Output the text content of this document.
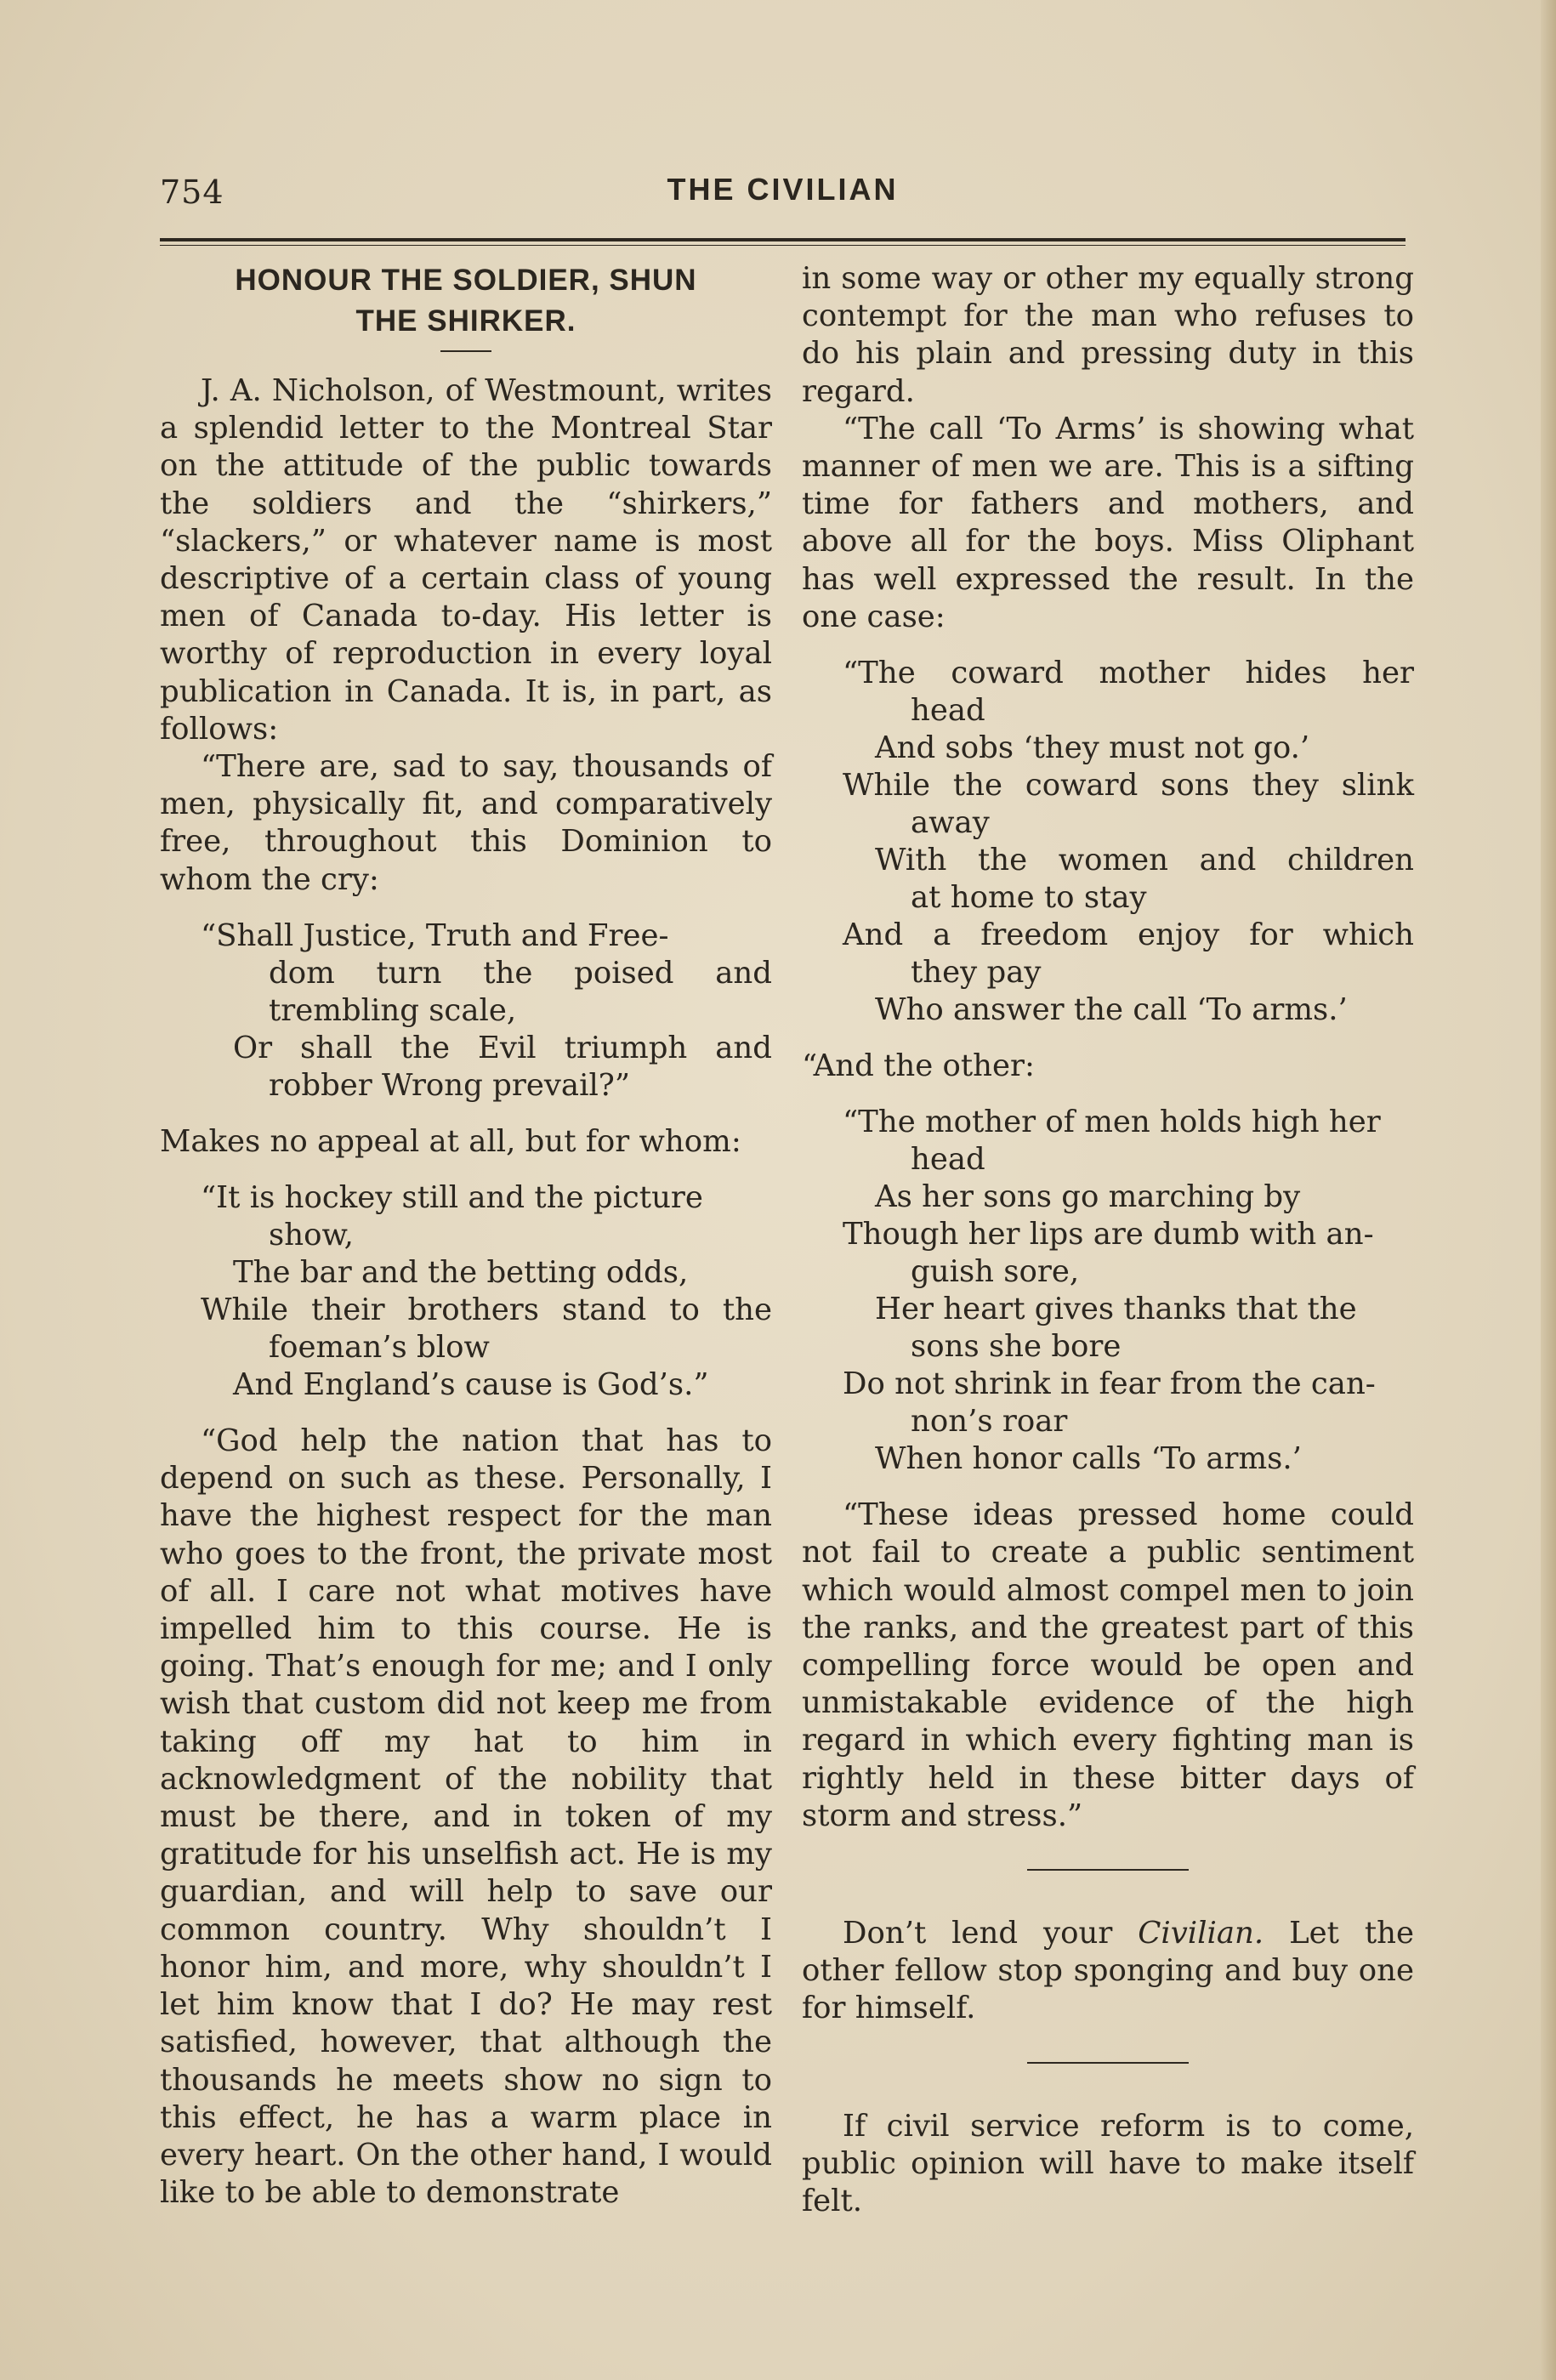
754	THE CIVILIAN
HONOUR THE SOLDIER, SHUN
THE SHIRKER.

J. A. Nicholson, of Westmount, writes a splendid letter to the Montreal Star on the attitude of the public towards the soldiers and the “shirkers,” “slackers,” or whatever name is most descriptive of a certain class of young men of Canada to-day. His letter is worthy of reproduction in every loyal publication in Canada. It is, in part, as follows:

“There are, sad to say, thousands of men, physically fit, and comparatively free, throughout this Dominion to whom the cry:

“Shall Justice, Truth and Free-
dom turn the poised and
trembling scale,
Or shall the Evil triumph and
robber Wrong prevail?”

Makes no appeal at all, but for whom:

“It is hockey still and the picture
show,
The bar and the betting odds,
While their brothers stand to the
foeman’s blow
And England’s cause is God’s.”

“God help the nation that has to depend on such as these. Personally, I have the highest respect for the man who goes to the front, the private most of all. I care not what motives have impelled him to this course. He is going. That’s enough for me; and I only wish that custom did not keep me from taking off my hat to him in acknowledgment of the nobility that must be there, and in token of my gratitude for his unselfish act. He is my guardian, and will help to save our common country. Why shouldn’t I honor him, and more, why shouldn’t I let him know that I do? He may rest satisfied, however, that although the thousands he meets show no sign to this effect, he has a warm place in every heart. On the other hand, I would like to be able to demonstrate

in some way or other my equally strong contempt for the man who refuses to do his plain and pressing duty in this regard.

“The call ‘To Arms’ is showing what manner of men we are. This is a sifting time for fathers and mothers, and above all for the boys. Miss Oliphant has well expressed the result. In the one case:

“The coward mother hides her
head
And sobs ‘they must not go.’
While the coward sons they slink
away
With the women and children
at home to stay
And a freedom enjoy for which
they pay
Who answer the call ‘To arms.’

“And the other:

“The mother of men holds high her
head
As her sons go marching by
Though her lips are dumb with an-
guish sore,
Her heart gives thanks that the
sons she bore
Do not shrink in fear from the can-
non’s roar
When honor calls ‘To arms.’

“These ideas pressed home could not fail to create a public sentiment which would almost compel men to join the ranks, and the greatest part of this compelling force would be open and unmistakable evidence of the high regard in which every fighting man is rightly held in these bitter days of storm and stress.”

Don’t lend your Civilian. Let the other fellow stop sponging and buy one for himself.

If civil service reform is to come, public opinion will have to make itself felt.
